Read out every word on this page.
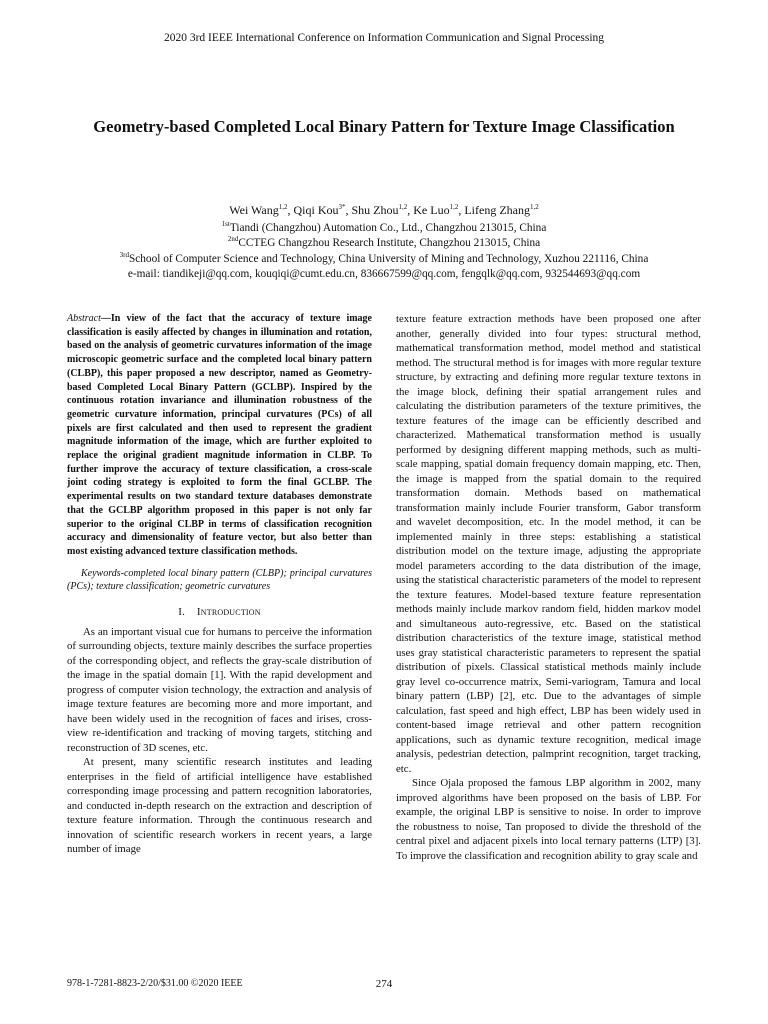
2020 3rd IEEE International Conference on Information Communication and Signal Processing
Geometry-based Completed Local Binary Pattern for Texture Image Classification
Wei Wang$^{1,2}$, Qiqi Kou$^{3*}$, Shu Zhou$^{1,2}$, Ke Luo$^{1,2}$, Lifeng Zhang$^{1,2}$
$^{1st}$Tiandi (Changzhou) Automation Co., Ltd., Changzhou 213015, China
$^{2nd}$CCTEG Changzhou Research Institute, Changzhou 213015, China
$^{3rd}$School of Computer Science and Technology, China University of Mining and Technology, Xuzhou 221116, China
e-mail: tiandikeji@qq.com, kouqiqi@cumt.edu.cn, 836667599@qq.com, fengqlk@qq.com, 932544693@qq.com

Abstract—In view of the fact that the accuracy of texture image classification is easily affected by changes in illumination and rotation, based on the analysis of geometric curvatures information of the image microscopic geometric surface and the completed local binary pattern (CLBP), this paper proposed a new descriptor, named as Geometry-based Completed Local Binary Pattern (GCLBP). Inspired by the continuous rotation invariance and illumination robustness of the geometric curvature information, principal curvatures (PCs) of all pixels are first calculated and then used to represent the gradient magnitude information of the image, which are further exploited to replace the original gradient magnitude information in CLBP. To further improve the accuracy of texture classification, a cross-scale joint coding strategy is exploited to form the final GCLBP. The experimental results on two standard texture databases demonstrate that the GCLBP algorithm proposed in this paper is not only far superior to the original CLBP in terms of classification recognition accuracy and dimensionality of feature vector, but also better than most existing advanced texture classification methods.

Keywords-completed local binary pattern (CLBP); principal curvatures (PCs); texture classification; geometric curvatures

I. Introduction

As an important visual cue for humans to perceive the information of surrounding objects, texture mainly describes the surface properties of the corresponding object, and reflects the gray-scale distribution of the image in the spatial domain [1]. With the rapid development and progress of computer vision technology, the extraction and analysis of image texture features are becoming more and more important, and have been widely used in the recognition of faces and irises, cross-view re-identification and tracking of moving targets, stitching and reconstruction of 3D scenes, etc.

At present, many scientific research institutes and leading enterprises in the field of artificial intelligence have established corresponding image processing and pattern recognition laboratories, and conducted in-depth research on the extraction and description of texture feature information. Through the continuous research and innovation of scientific research workers in recent years, a large number of image

texture feature extraction methods have been proposed one after another, generally divided into four types: structural method, mathematical transformation method, model method and statistical method. The structural method is for images with more regular texture structure, by extracting and defining more regular texture textons in the image block, defining their spatial arrangement rules and calculating the distribution parameters of the texture primitives, the texture features of the image can be efficiently described and characterized. Mathematical transformation method is usually performed by designing different mapping methods, such as multi-scale mapping, spatial domain frequency domain mapping, etc. Then, the image is mapped from the spatial domain to the required transformation domain. Methods based on mathematical transformation mainly include Fourier transform, Gabor transform and wavelet decomposition, etc. In the model method, it can be implemented mainly in three steps: establishing a statistical distribution model on the texture image, adjusting the appropriate model parameters according to the data distribution of the image, using the statistical characteristic parameters of the model to represent the texture features. Model-based texture feature representation methods mainly include markov random field, hidden markov model and simultaneous auto-regressive, etc. Based on the statistical distribution characteristics of the texture image, statistical method uses gray statistical characteristic parameters to represent the spatial distribution of pixels. Classical statistical methods mainly include gray level co-occurrence matrix, Semi-variogram, Tamura and local binary pattern (LBP) [2], etc. Due to the advantages of simple calculation, fast speed and high effect, LBP has been widely used in content-based image retrieval and other pattern recognition applications, such as dynamic texture recognition, medical image analysis, pedestrian detection, palmprint recognition, target tracking, etc.

Since Ojala proposed the famous LBP algorithm in 2002, many improved algorithms have been proposed on the basis of LBP. For example, the original LBP is sensitive to noise. In order to improve the robustness to noise, Tan proposed to divide the threshold of the central pixel and adjacent pixels into local ternary patterns (LTP) [3]. To improve the classification and recognition ability to gray scale and

978-1-7281-8823-2/20/$31.00 ©2020 IEEE	274
